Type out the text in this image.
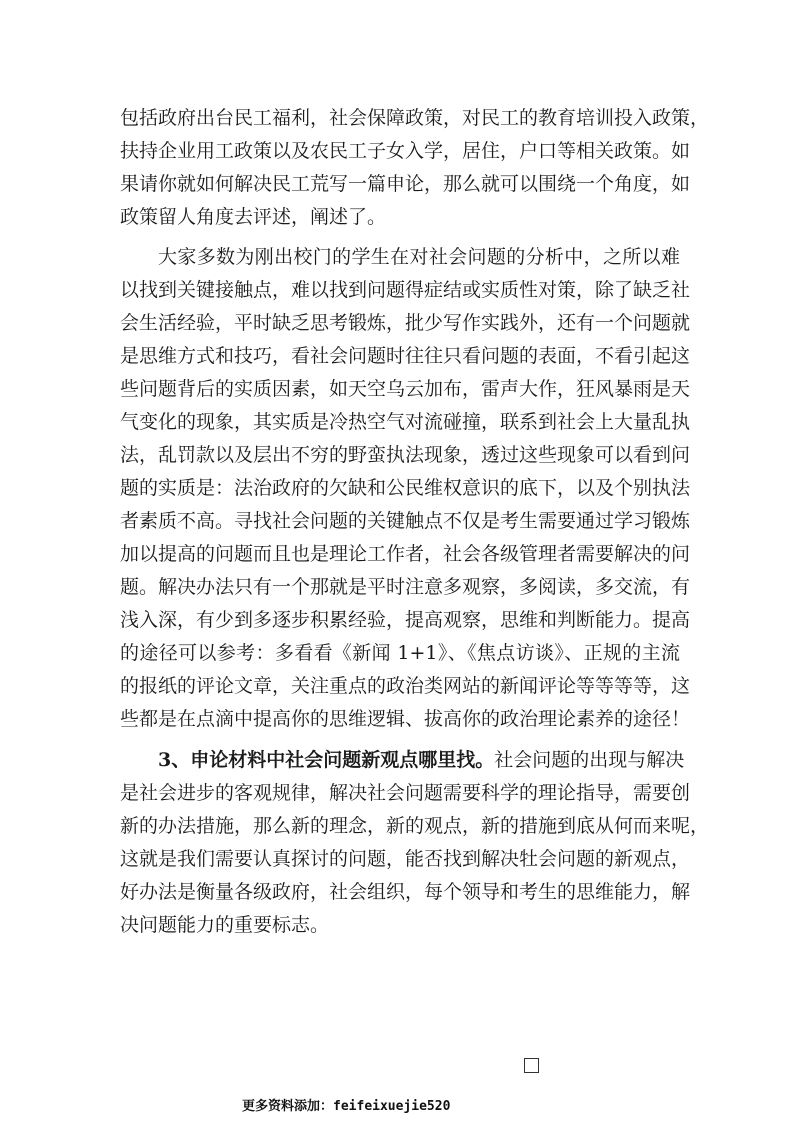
包括政府出台民工福利，社会保障政策，对民工的教育培训投入政策，
扶持企业用工政策以及农民工子女入学，居住，户口等相关政策。如
果请你就如何解决民工荒写一篇申论，那么就可以围绕一个角度，如
政策留人角度去评述，阐述了。
大家多数为刚出校门的学生在对社会问题的分析中，之所以难
以找到关键接触点，难以找到问题得症结或实质性对策，除了缺乏社
会生活经验，平时缺乏思考锻炼，批少写作实践外，还有一个问题就
是思维方式和技巧，看社会问题时往往只看问题的表面，不看引起这
些问题背后的实质因素，如天空乌云加布，雷声大作，狂风暴雨是天
气变化的现象，其实质是冷热空气对流碰撞，联系到社会上大量乱执
法，乱罚款以及层出不穷的野蛮执法现象，透过这些现象可以看到问
题的实质是：法治政府的欠缺和公民维权意识的底下，以及个别执法
者素质不高。寻找社会问题的关键触点不仅是考生需要通过学习锻炼
加以提高的问题而且也是理论工作者，社会各级管理者需要解决的问
题。解决办法只有一个那就是平时注意多观察，多阅读，多交流，有
浅入深，有少到多逐步积累经验，提高观察，思维和判断能力。提高
的途径可以参考：多看看《新闻 1+1》、《焦点访谈》、正规的主流
的报纸的评论文章，关注重点的政治类网站的新闻评论等等等等，这
些都是在点滴中提高你的思维逻辑、拔高你的政治理论素养的途径！
3、申论材料中社会问题新观点哪里找。社会问题的出现与解决
是社会进步的客观规律，解决社会问题需要科学的理论指导，需要创
新的办法措施，那么新的理念，新的观点，新的措施到底从何而来呢，
这就是我们需要认真探讨的问题，能否找到解决牡会问题的新观点，
好办法是衡量各级政府，社会组织，每个领导和考生的思维能力，解
决问题能力的重要标志。
更多资料添加：feifeixuejie520
